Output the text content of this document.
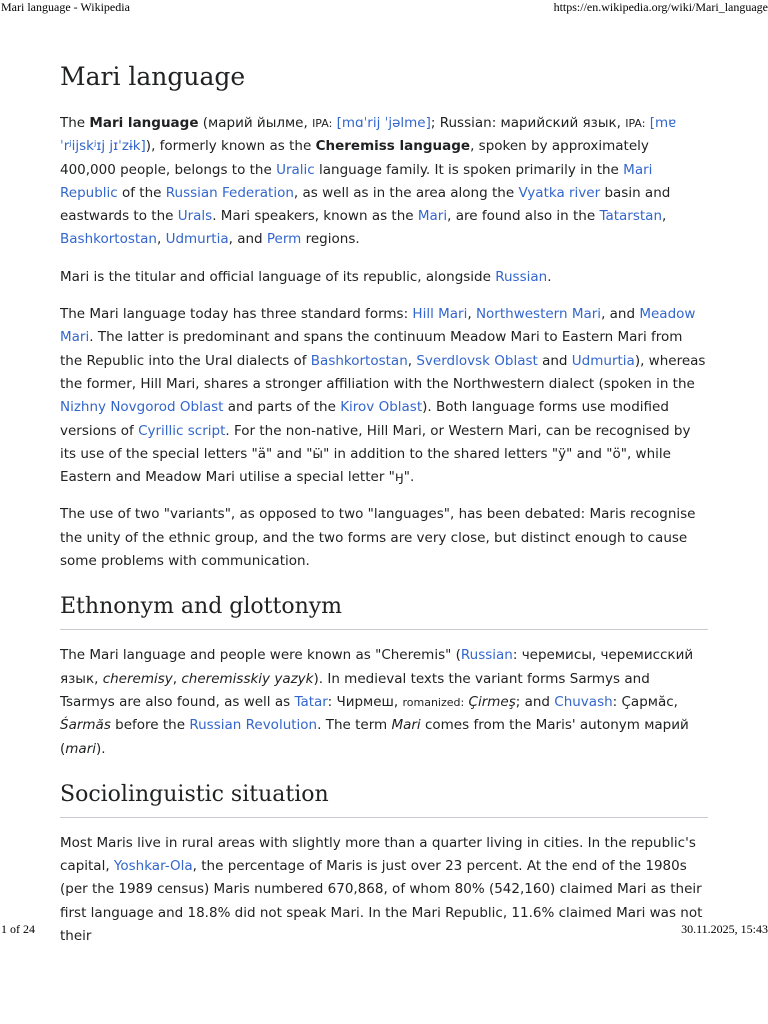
Mari language - Wikipedia	https://en.wikipedia.org/wiki/Mari_language
Mari language

The Mari language (марий йылме, IPA: [mɑˈrij ˈjəlme]; Russian: марийский язык, IPA: [mɐˈrʲijskʲɪj jɪˈzɨk]), formerly known as the Cheremiss language, spoken by approximately 400,000 people, belongs to the Uralic language family. It is spoken primarily in the Mari Republic of the Russian Federation, as well as in the area along the Vyatka river basin and eastwards to the Urals. Mari speakers, known as the Mari, are found also in the Tatarstan, Bashkortostan, Udmurtia, and Perm regions.

Mari is the titular and official language of its republic, alongside Russian.

The Mari language today has three standard forms: Hill Mari, Northwestern Mari, and Meadow Mari. The latter is predominant and spans the continuum Meadow Mari to Eastern Mari from the Republic into the Ural dialects of Bashkortostan, Sverdlovsk Oblast and Udmurtia), whereas the former, Hill Mari, shares a stronger affiliation with the Northwestern dialect (spoken in the Nizhny Novgorod Oblast and parts of the Kirov Oblast). Both language forms use modified versions of Cyrillic script. For the non-native, Hill Mari, or Western Mari, can be recognised by its use of the special letters "ӓ" and "ӹ" in addition to the shared letters "ӱ" and "ӧ", while Eastern and Meadow Mari utilise a special letter "ӈ".

The use of two "variants", as opposed to two "languages", has been debated: Maris recognise the unity of the ethnic group, and the two forms are very close, but distinct enough to cause some problems with communication.

Ethnonym and glottonym

The Mari language and people were known as "Cheremis" (Russian: черемисы, черемисский язык, cheremisy, cheremisskiy yazyk). In medieval texts the variant forms Sarmys and Tsarmys are also found, as well as Tatar: Чирмеш, romanized: Çirmeş; and Chuvash: Ҫармӑс, Śarmăs before the Russian Revolution. The term Mari comes from the Maris' autonym марий (mari).

Sociolinguistic situation

Most Maris live in rural areas with slightly more than a quarter living in cities. In the republic's capital, Yoshkar-Ola, the percentage of Maris is just over 23 percent. At the end of the 1980s (per the 1989 census) Maris numbered 670,868, of whom 80% (542,160) claimed Mari as their first language and 18.8% did not speak Mari. In the Mari Republic, 11.6% claimed Mari was not their

1 of 24	30.11.2025, 15:43
